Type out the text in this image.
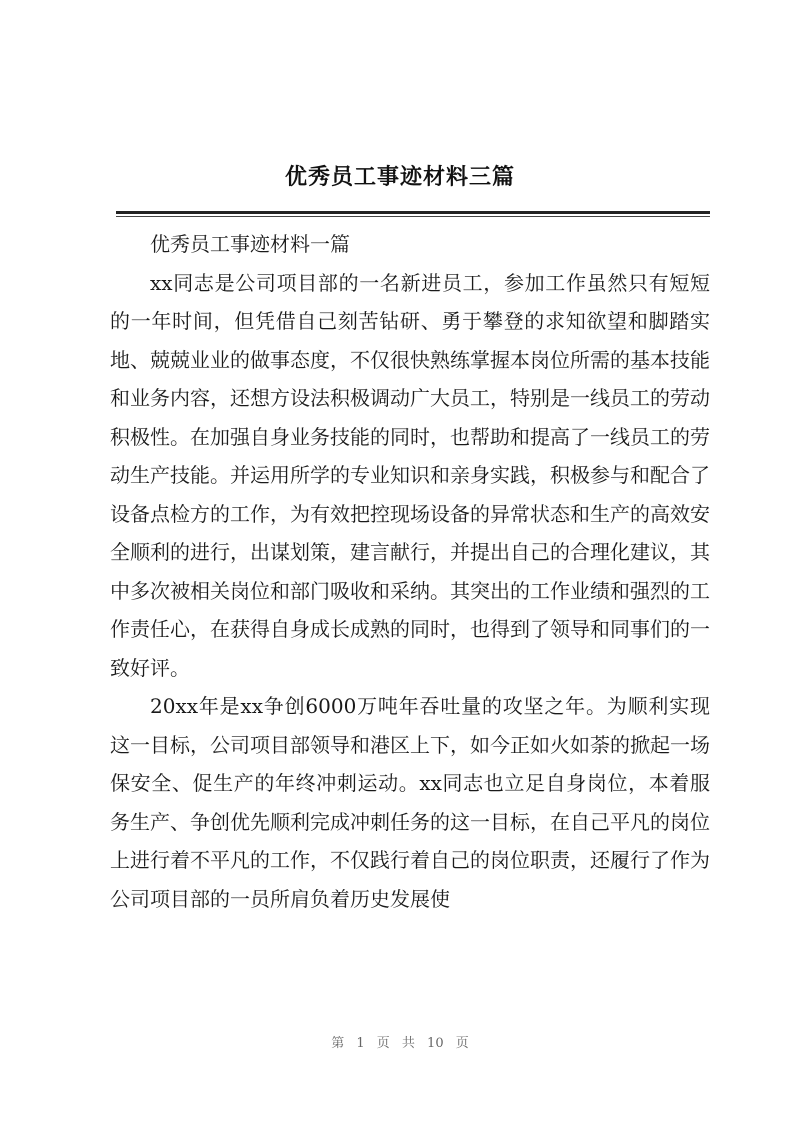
优秀员工事迹材料三篇

优秀员工事迹材料一篇

xx同志是公司项目部的一名新进员工，参加工作虽然只有短短的一年时间，但凭借自己刻苦钻研、勇于攀登的求知欲望和脚踏实地、兢兢业业的做事态度，不仅很快熟练掌握本岗位所需的基本技能和业务内容，还想方设法积极调动广大员工，特别是一线员工的劳动积极性。在加强自身业务技能的同时，也帮助和提高了一线员工的劳动生产技能。并运用所学的专业知识和亲身实践，积极参与和配合了设备点检方的工作，为有效把控现场设备的异常状态和生产的高效安全顺利的进行，出谋划策，建言献行，并提出自己的合理化建议，其中多次被相关岗位和部门吸收和采纳。其突出的工作业绩和强烈的工作责任心，在获得自身成长成熟的同时，也得到了领导和同事们的一致好评。

20xx年是xx争创6000万吨年吞吐量的攻坚之年。为顺利实现这一目标，公司项目部领导和港区上下，如今正如火如荼的掀起一场保安全、促生产的年终冲刺运动。xx同志也立足自身岗位，本着服务生产、争创优先顺利完成冲刺任务的这一目标，在自己平凡的岗位上进行着不平凡的工作，不仅践行着自己的岗位职责，还履行了作为公司项目部的一员所肩负着历史发展使

第 1 页 共 10 页
